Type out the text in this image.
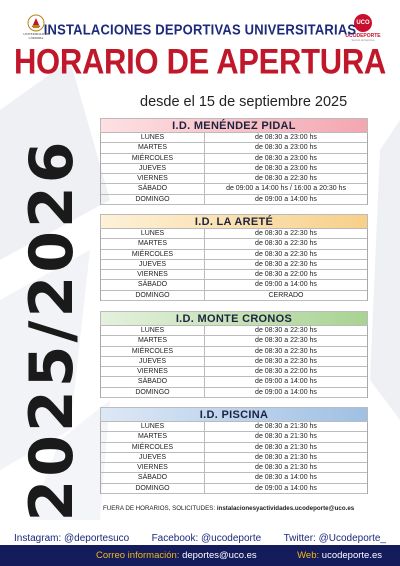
UNIVERSIDAD DE CÓRDOBA
UCO
UCODEPORTE
Servicio de Deportes
INSTALACIONES DEPORTIVAS UNIVERSITARIAS
HORARIO DE APERTURA
desde el 15 de septiembre 2025
2025/2026
I.D. MENÉNDEZ PIDAL
LUNES	de 08:30 a 23:00 hs
MARTES	de 08:30 a 23:00 hs
MIÉRCOLES	de 08:30 a 23:00 hs
JUEVES	de 08:30 a 23:00 hs
VIERNES	de 08:30 a 22:30 hs
SÁBADO	de 09:00 a 14:00 hs / 16:00 a 20:30 hs
DOMINGO	de 09:00 a 14:00 hs
I.D. LA ARETÉ
LUNES	de 08:30 a 22:30 hs
MARTES	de 08:30 a 22:30 hs
MIÉRCOLES	de 08:30 a 22:30 hs
JUEVES	de 08:30 a 22:30 hs
VIERNES	de 08:30 a 22:00 hs
SÁBADO	de 09:00 a 14:00 hs
DOMINGO	CERRADO
I.D. MONTE CRONOS
LUNES	de 08:30 a 22:30 hs
MARTES	de 08:30 a 22:30 hs
MIÉRCOLES	de 08:30 a 22:30 hs
JUEVES	de 08:30 a 22:30 hs
VIERNES	de 08:30 a 22:00 hs
SÁBADO	de 09:00 a 14:00 hs
DOMINGO	de 09:00 a 14:00 hs
I.D. PISCINA
LUNES	de 08:30 a 21:30 hs
MARTES	de 08:30 a 21:30 hs
MIÉRCOLES	de 08:30 a 21:30 hs
JUEVES	de 08:30 a 21:30 hs
VIERNES	de 08:30 a 21:30 hs
SÁBADO	de 08:30 a 14:00 hs
DOMINGO	de 09:00 a 14:00 hs
FUERA DE HORARIOS, SOLICITUDES: instalacionesyactividades.ucodeporte@uco.es
Instagram: @deportesuco Facebook: @ucodeporte Twitter: @Ucodeporte_
Correo información: deportes@uco.es	Web: ucodeporte.es
